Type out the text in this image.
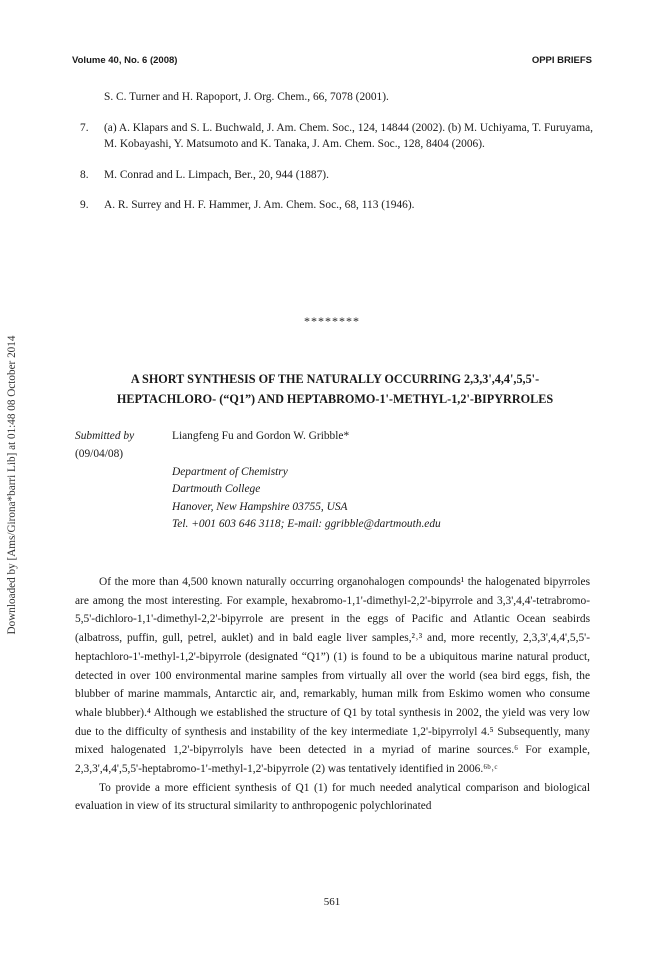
Downloaded by [Ams/Girona*barri Lib] at 01:48 08 October 2014
Volume 40, No. 6 (2008)	OPPI BRIEFS
S. C. Turner and H. Rapoport, J. Org. Chem., 66, 7078 (2001).
7. (a) A. Klapars and S. L. Buchwald, J. Am. Chem. Soc., 124, 14844 (2002). (b) M. Uchiyama, T. Furuyama, M. Kobayashi, Y. Matsumoto and K. Tanaka, J. Am. Chem. Soc., 128, 8404 (2006).
8. M. Conrad and L. Limpach, Ber., 20, 944 (1887).
9. A. R. Surrey and H. F. Hammer, J. Am. Chem. Soc., 68, 113 (1946).
********
A SHORT SYNTHESIS OF THE NATURALLY OCCURRING 2,3,3',4,4',5,5'-
HEPTACHLORO- (“Q1”) AND HEPTABROMO-1'-METHYL-1,2'-BIPYRROLES
Submitted by
(09/04/08)
Liangfeng Fu and Gordon W. Gribble*
Department of Chemistry
Dartmouth College
Hanover, New Hampshire 03755, USA
Tel. +001 603 646 3118; E-mail: ggribble@dartmouth.edu

Of the more than 4,500 known naturally occurring organohalogen compounds¹ the halogenated bipyrroles are among the most interesting. For example, hexabromo-1,1'-dimethyl-2,2'-bipyrrole and 3,3',4,4'-tetrabromo-5,5'-dichloro-1,1'-dimethyl-2,2'-bipyrrole are present in the eggs of Pacific and Atlantic Ocean seabirds (albatross, puffin, gull, petrel, auklet) and in bald eagle liver samples,²˒³ and, more recently, 2,3,3',4,4',5,5'-heptachloro-1'-methyl-1,2'-bipyrrole (designated “Q1”) (1) is found to be a ubiquitous marine natural product, detected in over 100 environmental marine samples from virtually all over the world (sea bird eggs, fish, the blubber of marine mammals, Antarctic air, and, remarkably, human milk from Eskimo women who consume whale blubber).⁴ Although we established the structure of Q1 by total synthesis in 2002, the yield was very low due to the difficulty of synthesis and instability of the key intermediate 1,2'-bipyrrolyl 4.⁵ Subsequently, many mixed halogenated 1,2'-bipyrrolyls have been detected in a myriad of marine sources.⁶ For example, 2,3,3',4,4',5,5'-heptabromo-1'-methyl-1,2'-bipyrrole (2) was tentatively identified in 2006.⁶ᵇ˒ᶜ

To provide a more efficient synthesis of Q1 (1) for much needed analytical comparison and biological evaluation in view of its structural similarity to anthropogenic polychlorinated

561
